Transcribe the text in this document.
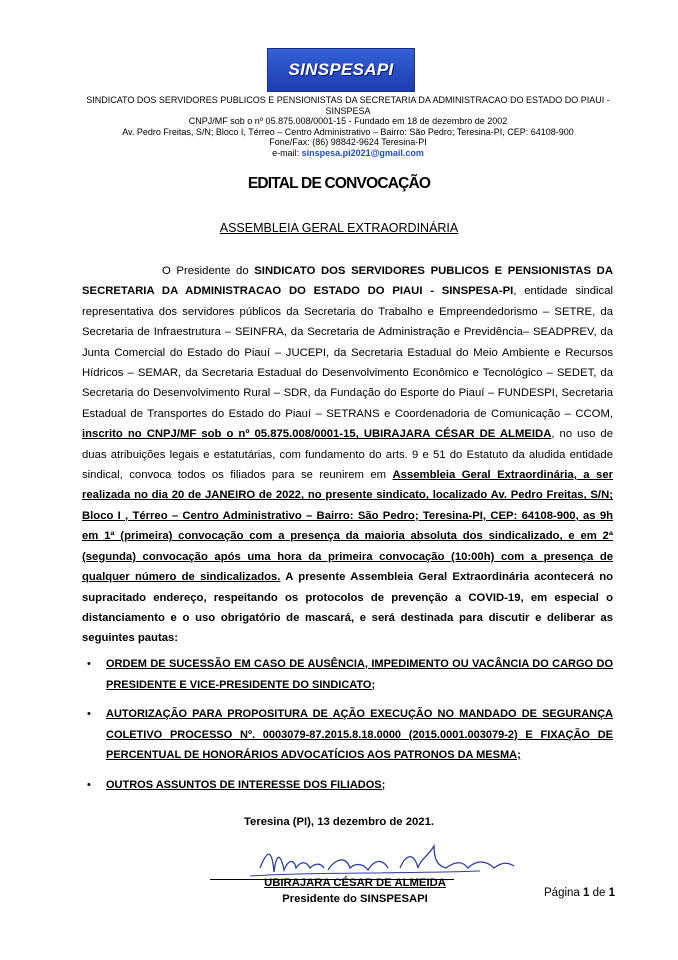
SINSPESAPI
SINDICATO DOS SERVIDORES PUBLICOS E PENSIONISTAS DA SECRETARIA DA ADMINISTRACAO DO ESTADO DO PIAUI - SINSPESA
CNPJ/MF sob o nº 05.875.008/0001-15 - Fundado em 18 de dezembro de 2002
Av. Pedro Freitas, S/N; Bloco I, Térreo – Centro Administrativo – Bairro: São Pedro; Teresina-PI, CEP: 64108-900
Fone/Fax: (86) 98842-9624 Teresina-PI
e-mail: sinspesa.pi2021@gmail.com
EDITAL DE CONVOCAÇÃO
ASSEMBLEIA GERAL EXTRAORDINÁRIA
O Presidente do SINDICATO DOS SERVIDORES PUBLICOS E PENSIONISTAS DA SECRETARIA DA ADMINISTRACAO DO ESTADO DO PIAUI - SINSPESA-PI, entidade sindical representativa dos servidores públicos da Secretaria do Trabalho e Empreendedorismo – SETRE, da Secretaria de Infraestrutura – SEINFRA, da Secretaria de Administração e Previdência– SEADPREV, da Junta Comercial do Estado do Piauí – JUCEPI, da Secretaria Estadual do Meio Ambiente e Recursos Hídricos – SEMAR, da Secretaria Estadual do Desenvolvimento Econômico e Tecnológico – SEDET, da Secretaria do Desenvolvimento Rural – SDR, da Fundação do Esporte do Piauí – FUNDESPI, Secretaria Estadual de Transportes do Estado do Piauí – SETRANS e Coordenadoria de Comunicação – CCOM, inscrito no CNPJ/MF sob o nº 05.875.008/0001-15, UBIRAJARA CÉSAR DE ALMEIDA, no uso de duas atribuições legais e estatutárias, com fundamento do arts. 9 e 51 do Estatuto da aludida entidade sindical, convoca todos os filiados para se reunirem em Assembleia Geral Extraordinária, a ser realizada no dia 20 de JANEIRO de 2022, no presente sindicato, localizado Av. Pedro Freitas, S/N; Bloco I , Térreo – Centro Administrativo – Bairro: São Pedro; Teresina-PI, CEP: 64108-900, as 9h em 1ª (primeira) convocação com a presença da maioria absoluta dos sindicalizado, e em 2ª (segunda) convocação após uma hora da primeira convocação (10:00h) com a presença de qualquer número de sindicalizados. A presente Assembleia Geral Extraordinária acontecerá no supracitado endereço, respeitando os protocolos de prevenção a COVID-19, em especial o distanciamento e o uso obrigatório de mascará, e será destinada para discutir e deliberar as seguintes pautas:
• ORDEM DE SUCESSÃO EM CASO DE AUSÊNCIA, IMPEDIMENTO OU VACÂNCIA DO CARGO DO PRESIDENTE E VICE-PRESIDENTE DO SINDICATO;
• AUTORIZAÇÃO PARA PROPOSITURA DE AÇÃO EXECUÇÃO NO MANDADO DE SEGURANÇA COLETIVO PROCESSO Nº. 0003079-87.2015.8.18.0000 (2015.0001.003079-2) E FIXAÇÃO DE PERCENTUAL DE HONORÁRIOS ADVOCATÍCIOS AOS PATRONOS DA MESMA;
• OUTROS ASSUNTOS DE INTERESSE DOS FILIADOS;
Teresina (PI), 13 dezembro de 2021.
UBIRAJARA CÉSAR DE ALMEIDA
Presidente do SINSPESAPI	Página 1 de 1
